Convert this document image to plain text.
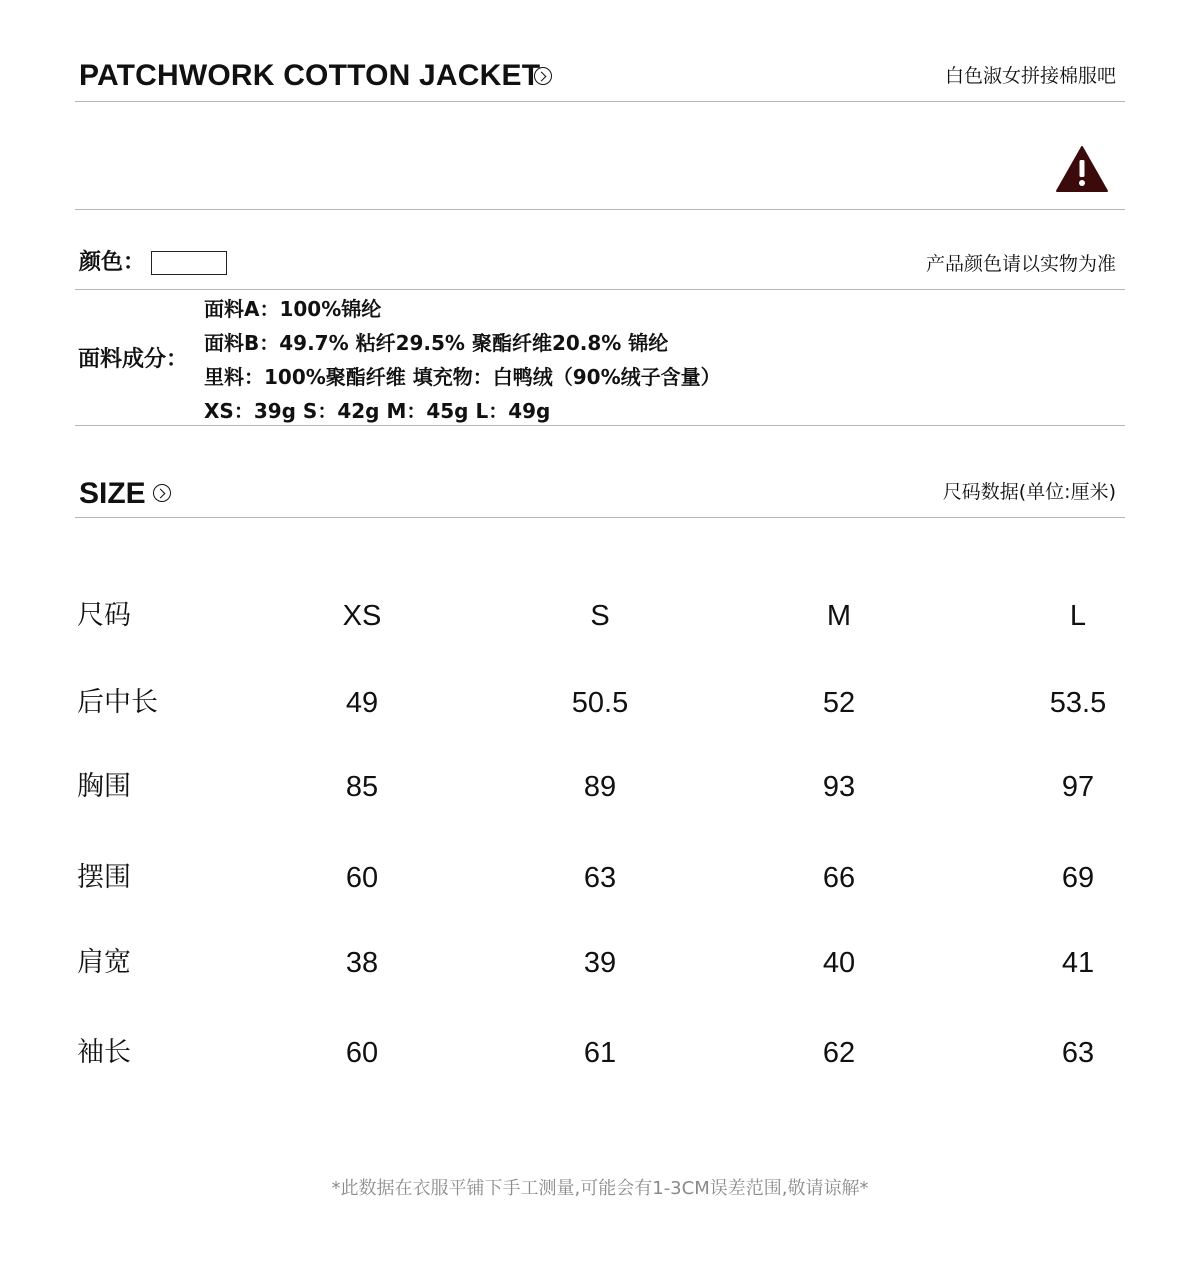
PATCHWORK COTTON JACKET	白色淑女拼接棉服吧
颜色：	产品颜色请以实物为准
面料成分：
面料A：100%锦纶
面料B：49.7% 粘纤29.5% 聚酯纤维20.8% 锦纶
里料：100%聚酯纤维 填充物：白鸭绒（90%绒子含量）
XS：39g S：42g M：45g L：49g
SIZE	尺码数据(单位:厘米)
尺码	XS	S	M	L
后中长	49	50.5	52	53.5
胸围	85	89	93	97
摆围	60	63	66	69
肩宽	38	39	40	41
袖长	60	61	62	63
*此数据在衣服平铺下手工测量,可能会有1-3CM误差范围,敬请谅解*
